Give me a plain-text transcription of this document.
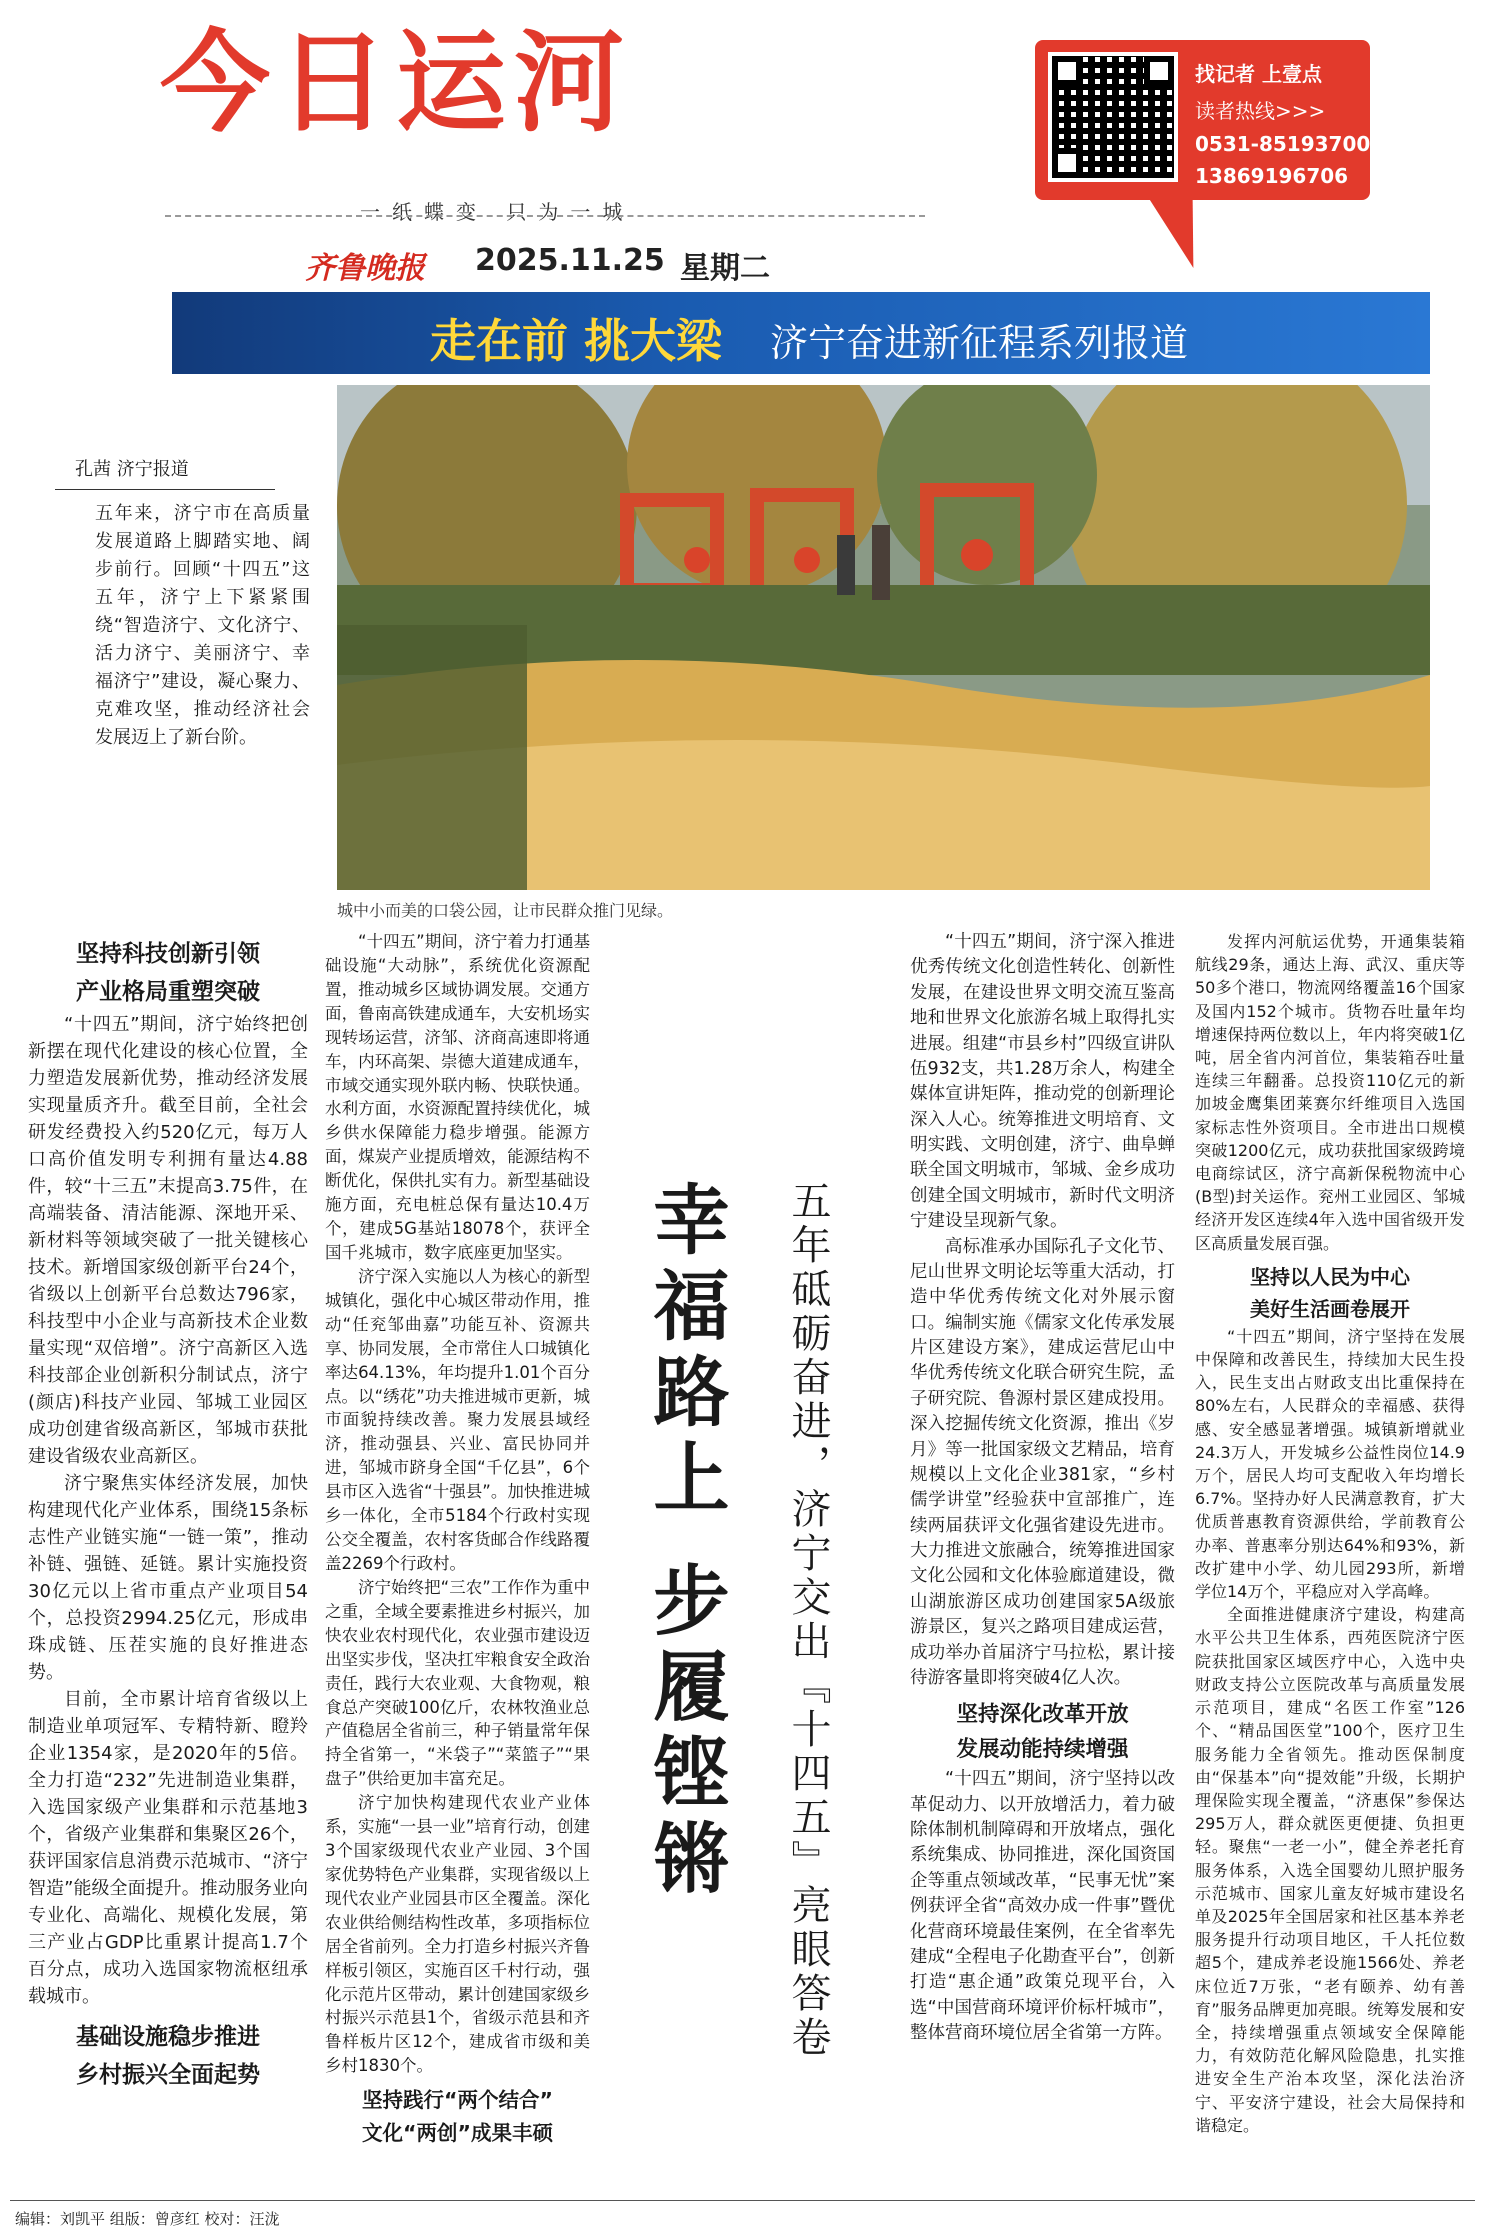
今日运河
一纸蝶变 只为一城
齐鲁晚报 2025.11.25 星期二
找记者 上壹点
读者热线>>>
0531-85193700
13869196706
走在前 挑大梁 济宁奋进新征程系列报道
孔茜 济宁报道
五年来，济宁市在高质量发展道路上脚踏实地、阔步前行。回顾“十四五”这五年，济宁上下紧紧围绕“智造济宁、文化济宁、活力济宁、美丽济宁、幸福济宁”建设，凝心聚力、克难攻坚，推动经济社会发展迈上了新台阶。
城中小而美的口袋公园，让市民群众推门见绿。
幸福路上 步履铿锵 五年砥砺奋进，济宁交出『十四五』亮眼答卷
坚持科技创新引领
产业格局重塑突破

“十四五”期间，济宁始终把创新摆在现代化建设的核心位置，全力塑造发展新优势，推动经济发展实现量质齐升。截至目前，全社会研发经费投入约520亿元，每万人口高价值发明专利拥有量达4.88件，较“十三五”末提高3.75件，在高端装备、清洁能源、深地开采、新材料等领域突破了一批关键核心技术。新增国家级创新平台24个，省级以上创新平台总数达796家，科技型中小企业与高新技术企业数量实现“双倍增”。济宁高新区入选科技部企业创新积分制试点，济宁(颜店)科技产业园、邹城工业园区成功创建省级高新区，邹城市获批建设省级农业高新区。

济宁聚焦实体经济发展，加快构建现代化产业体系，围绕15条标志性产业链实施“一链一策”，推动补链、强链、延链。累计实施投资30亿元以上省市重点产业项目54个，总投资2994.25亿元，形成串珠成链、压茬实施的良好推进态势。

目前，全市累计培育省级以上制造业单项冠军、专精特新、瞪羚企业1354家，是2020年的5倍。全力打造“232”先进制造业集群，入选国家级产业集群和示范基地3个，省级产业集群和集聚区26个，获评国家信息消费示范城市、“济宁智造”能级全面提升。推动服务业向专业化、高端化、规模化发展，第三产业占GDP比重累计提高1.7个百分点，成功入选国家物流枢纽承载城市。

基础设施稳步推进
乡村振兴全面起势

“十四五”期间，济宁着力打通基础设施“大动脉”，系统优化资源配置，推动城乡区域协调发展。交通方面，鲁南高铁建成通车，大安机场实现转场运营，济邹、济商高速即将通车，内环高架、崇德大道建成通车，市域交通实现外联内畅、快联快通。水利方面，水资源配置持续优化，城乡供水保障能力稳步增强。能源方面，煤炭产业提质增效，能源结构不断优化，保供扎实有力。新型基础设施方面，充电桩总保有量达10.4万个，建成5G基站18078个，获评全国千兆城市，数字底座更加坚实。

济宁深入实施以人为核心的新型城镇化，强化中心城区带动作用，推动“任兖邹曲嘉”功能互补、资源共享、协同发展，全市常住人口城镇化率达64.13%，年均提升1.01个百分点。以“绣花”功夫推进城市更新，城市面貌持续改善。聚力发展县域经济，推动强县、兴业、富民协同并进，邹城市跻身全国“千亿县”，6个县市区入选省“十强县”。加快推进城乡一体化，全市5184个行政村实现公交全覆盖，农村客货邮合作线路覆盖2269个行政村。

济宁始终把“三农”工作作为重中之重，全域全要素推进乡村振兴，加快农业农村现代化，农业强市建设迈出坚实步伐，坚决扛牢粮食安全政治责任，践行大农业观、大食物观，粮食总产突破100亿斤，农林牧渔业总产值稳居全省前三，种子销量常年保持全省第一，“米袋子”“菜篮子”“果盘子”供给更加丰富充足。

济宁加快构建现代农业产业体系，实施“一县一业”培育行动，创建3个国家级现代农业产业园、3个国家优势特色产业集群，实现省级以上现代农业产业园县市区全覆盖。深化农业供给侧结构性改革，多项指标位居全省前列。全力打造乡村振兴齐鲁样板引领区，实施百区千村行动，强化示范片区带动，累计创建国家级乡村振兴示范县1个，省级示范县和齐鲁样板片区12个，建成省市级和美乡村1830个。

坚持践行“两个结合”
文化“两创”成果丰硕

“十四五”期间，济宁深入推进优秀传统文化创造性转化、创新性发展，在建设世界文明交流互鉴高地和世界文化旅游名城上取得扎实进展。组建“市县乡村”四级宣讲队伍932支，共1.28万余人，构建全媒体宣讲矩阵，推动党的创新理论深入人心。统筹推进文明培育、文明实践、文明创建，济宁、曲阜蝉联全国文明城市，邹城、金乡成功创建全国文明城市，新时代文明济宁建设呈现新气象。

高标准承办国际孔子文化节、尼山世界文明论坛等重大活动，打造中华优秀传统文化对外展示窗口。编制实施《儒家文化传承发展片区建设方案》，建成运营尼山中华优秀传统文化联合研究生院，孟子研究院、鲁源村景区建成投用。深入挖掘传统文化资源，推出《岁月》等一批国家级文艺精品，培育规模以上文化企业381家，“乡村儒学讲堂”经验获中宣部推广，连续两届获评文化强省建设先进市。大力推进文旅融合，统筹推进国家文化公园和文化体验廊道建设，微山湖旅游区成功创建国家5A级旅游景区，复兴之路项目建成运营，成功举办首届济宁马拉松，累计接待游客量即将突破4亿人次。

坚持深化改革开放
发展动能持续增强

“十四五”期间，济宁坚持以改革促动力、以开放增活力，着力破除体制机制障碍和开放堵点，强化系统集成、协同推进，深化国资国企等重点领域改革，“民事无忧”案例获评全省“高效办成一件事”暨优化营商环境最佳案例，在全省率先建成“全程电子化勘查平台”，创新打造“惠企通”政策兑现平台，入选“中国营商环境评价标杆城市”，整体营商环境位居全省第一方阵。

发挥内河航运优势，开通集装箱航线29条，通达上海、武汉、重庆等50多个港口，物流网络覆盖16个国家及国内152个城市。货物吞吐量年均增速保持两位数以上，年内将突破1亿吨，居全省内河首位，集装箱吞吐量连续三年翻番。总投资110亿元的新加坡金鹰集团莱赛尔纤维项目入选国家标志性外资项目。全市进出口规模突破1200亿元，成功获批国家级跨境电商综试区，济宁高新保税物流中心(B型)封关运作。兖州工业园区、邹城经济开发区连续4年入选中国省级开发区高质量发展百强。

坚持以人民为中心
美好生活画卷展开

“十四五”期间，济宁坚持在发展中保障和改善民生，持续加大民生投入，民生支出占财政支出比重保持在80%左右，人民群众的幸福感、获得感、安全感显著增强。城镇新增就业24.3万人，开发城乡公益性岗位14.9万个，居民人均可支配收入年均增长6.7%。坚持办好人民满意教育，扩大优质普惠教育资源供给，学前教育公办率、普惠率分别达64%和93%，新改扩建中小学、幼儿园293所，新增学位14万个，平稳应对入学高峰。

全面推进健康济宁建设，构建高水平公共卫生体系，西苑医院济宁医院获批国家区域医疗中心，入选中央财政支持公立医院改革与高质量发展示范项目，建成“名医工作室”126个、“精品国医堂”100个，医疗卫生服务能力全省领先。推动医保制度由“保基本”向“提效能”升级，长期护理保险实现全覆盖，“济惠保”参保达295万人，群众就医更便捷、负担更轻。聚焦“一老一小”，健全养老托育服务体系，入选全国婴幼儿照护服务示范城市、国家儿童友好城市建设名单及2025年全国居家和社区基本养老服务提升行动项目地区，千人托位数超5个，建成养老设施1566处、养老床位近7万张，“老有颐养、幼有善育”服务品牌更加亮眼。统筹发展和安全，持续增强重点领域安全保障能力，有效防范化解风险隐患，扎实推进安全生产治本攻坚，深化法治济宁、平安济宁建设，社会大局保持和谐稳定。

编辑：刘凯平 组版：曾彦红 校对：汪泷
